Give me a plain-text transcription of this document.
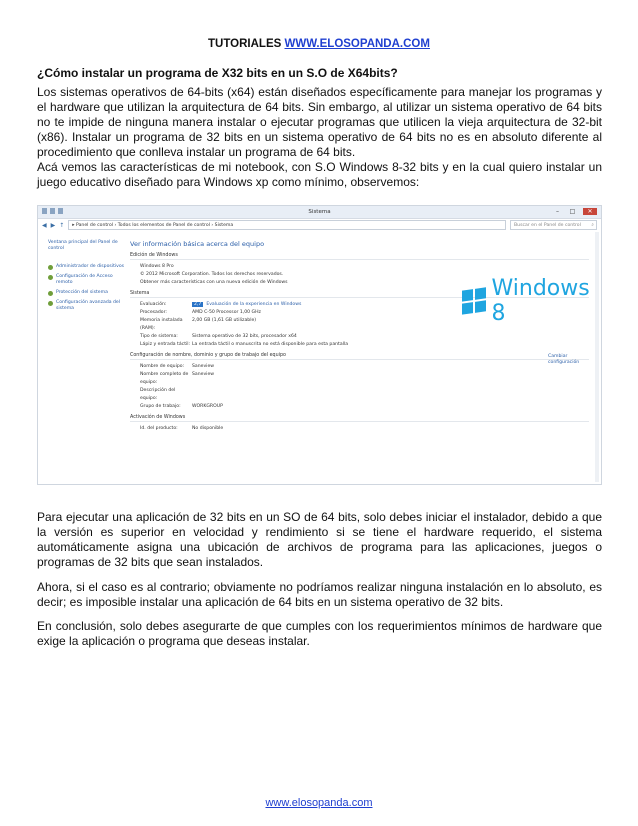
TUTORIALES WWW.ELOSOPANDA.COM
¿Cómo instalar un programa de X32 bits en un S.O de X64bits?
Los sistemas operativos de 64-bits (x64) están diseñados específicamente para manejar los programas y el hardware que utilizan la arquitectura de 64 bits. Sin embargo, al utilizar un sistema operativo de 64 bits no te impide de ninguna manera instalar o ejecutar programas que utilicen la vieja arquitectura de 32-bit (x86). Instalar un programa de 32 bits en un sistema operativo de 64 bits no es en absoluto diferente al procedimiento que conlleva instalar un programa de 64 bits.
Acá vemos las características de mi notebook, con S.O Windows 8-32 bits y en la cual quiero instalar un juego educativo diseñado para Windows xp como mínimo, observemos:
Sistema	–	□	✕
◀ ▶ ↑	▸ Panel de control › Todos los elementos de Panel de control › Sistema	Buscar en el Panel de control ⌕
Ventana principal del Panel de control
Administrador de dispositivos
Configuración de Acceso remoto
Protección del sistema
Configuración avanzada del sistema
Ver información básica acerca del equipo
Edición de Windows
Windows 8 Pro
© 2012 Microsoft Corporation. Todos los derechos reservados.
Obtener más características con una nueva edición de Windows
Sistema
Evaluación:	2,7 Evaluación de la experiencia en Windows
Procesador:	AMD C-50 Processor 1,00 GHz
Memoria instalada (RAM):
2,00 GB (1,61 GB utilizable)
Tipo de sistema:	Sistema operativo de 32 bits, procesador x64
Lápiz y entrada táctil: La entrada táctil o manuscrita no está disponible para esta pantalla
Configuración de nombre, dominio y grupo de trabajo del equipo
Nombre de equipo:	Saneview
Nombre completo de equipo:
Saneview
Descripción del equipo:
Grupo de trabajo:	WORKGROUP
Activación de Windows
Id. del producto:	No disponible
Windows 8
Cambiar configuración

Para ejecutar una aplicación de 32 bits en un SO de 64 bits, solo debes iniciar el instalador, debido a que la versión es superior en velocidad y rendimiento si se tiene el hardware requerido, el sistema automáticamente asigna una ubicación de archivos de programa para las aplicaciones, juegos o programas de 32 bits que sean instalados.

Ahora, si el caso es al contrario; obviamente no podríamos realizar ninguna instalación en lo absoluto, es decir; es imposible instalar una aplicación de 64 bits en un sistema operativo de 32 bits.

En conclusión, solo debes asegurarte de que cumples con los requerimientos mínimos de hardware que exige la aplicación o programa que deseas instalar.

www.elosopanda.com
